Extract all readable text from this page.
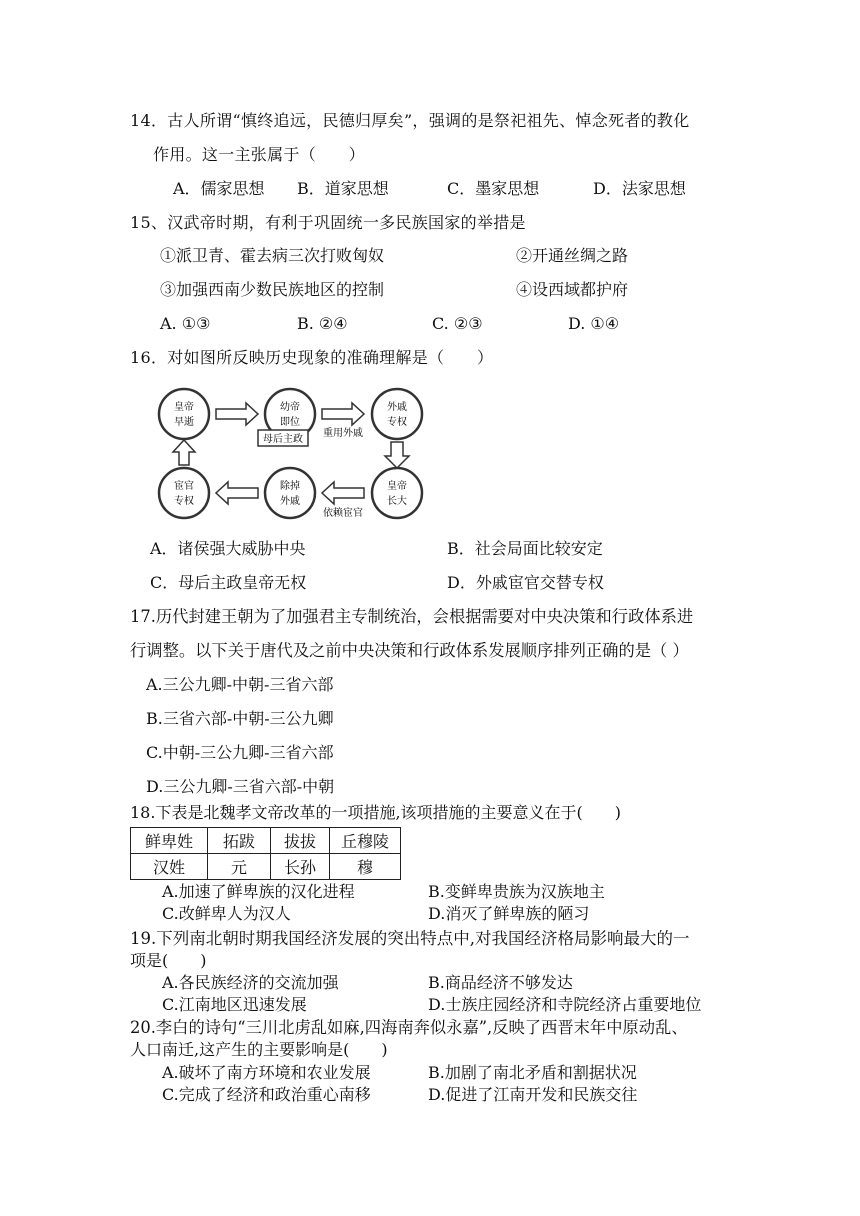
14．古人所谓“慎终追远，民德归厚矣”，强调的是祭祀祖先、悼念死者的教化
作用。这一主张属于（　　）
A．儒家思想 B．道家思想	C．墨家思想	D．法家思想
15、汉武帝时期，有利于巩固统一多民族国家的举措是
①派卫青、霍去病三次打败匈奴	②开通丝绸之路
③加强西南少数民族地区的控制	④设西域都护府
A. ①③	B. ②④	C. ②③	D. ①④
16．对如图所反映历史现象的准确理解是（　　）
皇帝
早逝
幼帝
即位
外戚
专权
皇帝
长大
除掉
外戚
宦官
专权
母后主政
重用外戚
依赖宦官
A．诸侯强大威胁中央	B．社会局面比较安定
C．母后主政皇帝无权	D．外戚宦官交替专权
17.历代封建王朝为了加强君主专制统治，会根据需要对中央决策和行政体系进
行调整。以下关于唐代及之前中央决策和行政体系发展顺序排列正确的是（ ）
A.三公九卿-中朝-三省六部
B.三省六部-中朝-三公九卿
C.中朝-三公九卿-三省六部
D.三公九卿-三省六部-中朝
18.下表是北魏孝文帝改革的一项措施,该项措施的主要意义在于(　　)
鲜卑姓	拓跋	拔拔	丘穆陵
汉姓	元	长孙	穆
A.加速了鲜卑族的汉化进程	B.变鲜卑贵族为汉族地主
C.改鲜卑人为汉人	D.消灭了鲜卑族的陋习
19.下列南北朝时期我国经济发展的突出特点中,对我国经济格局影响最大的一
项是(　　)
A.各民族经济的交流加强	B.商品经济不够发达
C.江南地区迅速发展	D.士族庄园经济和寺院经济占重要地位
20.李白的诗句“三川北虏乱如麻,四海南奔似永嘉”,反映了西晋末年中原动乱、
人口南迁,这产生的主要影响是(　　)
A.破坏了南方环境和农业发展	B.加剧了南北矛盾和割据状况
C.完成了经济和政治重心南移	D.促进了江南开发和民族交往
